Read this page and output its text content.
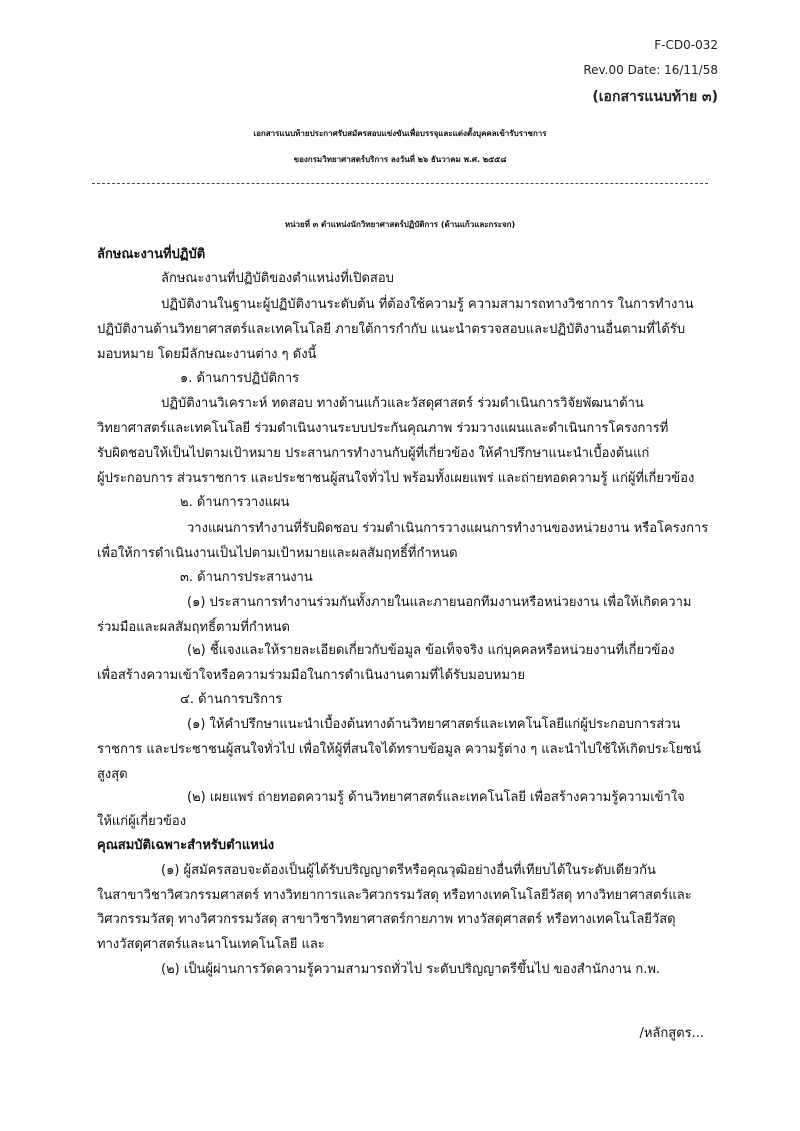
F-CD0-032
Rev.00 Date: 16/11/58
(เอกสารแนบท้าย ๓)
เอกสารแนบท้ายประกาศรับสมัครสอบแข่งขันเพื่อบรรจุและแต่งตั้งบุคคลเข้ารับราชการ
ของกรมวิทยาศาสตร์บริการ ลงวันที่ ๒๖ ธันวาคม พ.ศ. ๒๕๕๘
หน่วยที่ ๓ ตำแหน่งนักวิทยาศาสตร์ปฏิบัติการ (ด้านแก้วและกระจก)
ลักษณะงานที่ปฏิบัติ
ลักษณะงานที่ปฏิบัติของตำแหน่งที่เปิดสอบ
ปฏิบัติงานในฐานะผู้ปฏิบัติงานระดับต้น ที่ต้องใช้ความรู้ ความสามารถทางวิชาการ ในการทำงาน
ปฏิบัติงานด้านวิทยาศาสตร์และเทคโนโลยี ภายใต้การกำกับ แนะนำตรวจสอบและปฏิบัติงานอื่นตามที่ได้รับ
มอบหมาย โดยมีลักษณะงานต่าง ๆ ดังนี้
๑. ด้านการปฏิบัติการ
ปฏิบัติงานวิเคราะห์ ทดสอบ ทางด้านแก้วและวัสดุศาสตร์ ร่วมดำเนินการวิจัยพัฒนาด้าน
วิทยาศาสตร์และเทคโนโลยี ร่วมดำเนินงานระบบประกันคุณภาพ ร่วมวางแผนและดำเนินการโครงการที่
รับผิดชอบให้เป็นไปตามเป้าหมาย ประสานการทำงานกับผู้ที่เกี่ยวข้อง ให้คำปรึกษาแนะนำเบื้องต้นแก่
ผู้ประกอบการ ส่วนราชการ และประชาชนผู้สนใจทั่วไป พร้อมทั้งเผยแพร่ และถ่ายทอดความรู้ แก่ผู้ที่เกี่ยวข้อง
๒. ด้านการวางแผน
วางแผนการทำงานที่รับผิดชอบ ร่วมดำเนินการวางแผนการทำงานของหน่วยงาน หรือโครงการ
เพื่อให้การดำเนินงานเป็นไปตามเป้าหมายและผลสัมฤทธิ์ที่กำหนด
๓. ด้านการประสานงาน
(๑) ประสานการทำงานร่วมกันทั้งภายในและภายนอกทีมงานหรือหน่วยงาน เพื่อให้เกิดความ
ร่วมมือและผลสัมฤทธิ์ตามที่กำหนด
(๒) ชี้แจงและให้รายละเอียดเกี่ยวกับข้อมูล ข้อเท็จจริง แก่บุคคลหรือหน่วยงานที่เกี่ยวข้อง
เพื่อสร้างความเข้าใจหรือความร่วมมือในการดำเนินงานตามที่ได้รับมอบหมาย
๔. ด้านการบริการ
(๑) ให้คำปรึกษาแนะนำเบื้องต้นทางด้านวิทยาศาสตร์และเทคโนโลยีแก่ผู้ประกอบการส่วน
ราชการ และประชาชนผู้สนใจทั่วไป เพื่อให้ผู้ที่สนใจได้ทราบข้อมูล ความรู้ต่าง ๆ และนำไปใช้ให้เกิดประโยชน์
สูงสุด
(๒) เผยแพร่ ถ่ายทอดความรู้ ด้านวิทยาศาสตร์และเทคโนโลยี เพื่อสร้างความรู้ความเข้าใจ
ให้แก่ผู้เกี่ยวข้อง
คุณสมบัติเฉพาะสำหรับตำแหน่ง
(๑) ผู้สมัครสอบจะต้องเป็นผู้ได้รับปริญญาตรีหรือคุณวุฒิอย่างอื่นที่เทียบได้ในระดับเดียวกัน
ในสาขาวิชาวิศวกรรมศาสตร์ ทางวิทยาการและวิศวกรรมวัสดุ หรือทางเทคโนโลยีวัสดุ ทางวิทยาศาสตร์และ
วิศวกรรมวัสดุ ทางวิศวกรรมวัสดุ สาขาวิชาวิทยาศาสตร์กายภาพ ทางวัสดุศาสตร์ หรือทางเทคโนโลยีวัสดุ
ทางวัสดุศาสตร์และนาโนเทคโนโลยี และ
(๒) เป็นผู้ผ่านการวัดความรู้ความสามารถทั่วไป ระดับปริญญาตรีขึ้นไป ของสำนักงาน ก.พ.
/หลักสูตร...
